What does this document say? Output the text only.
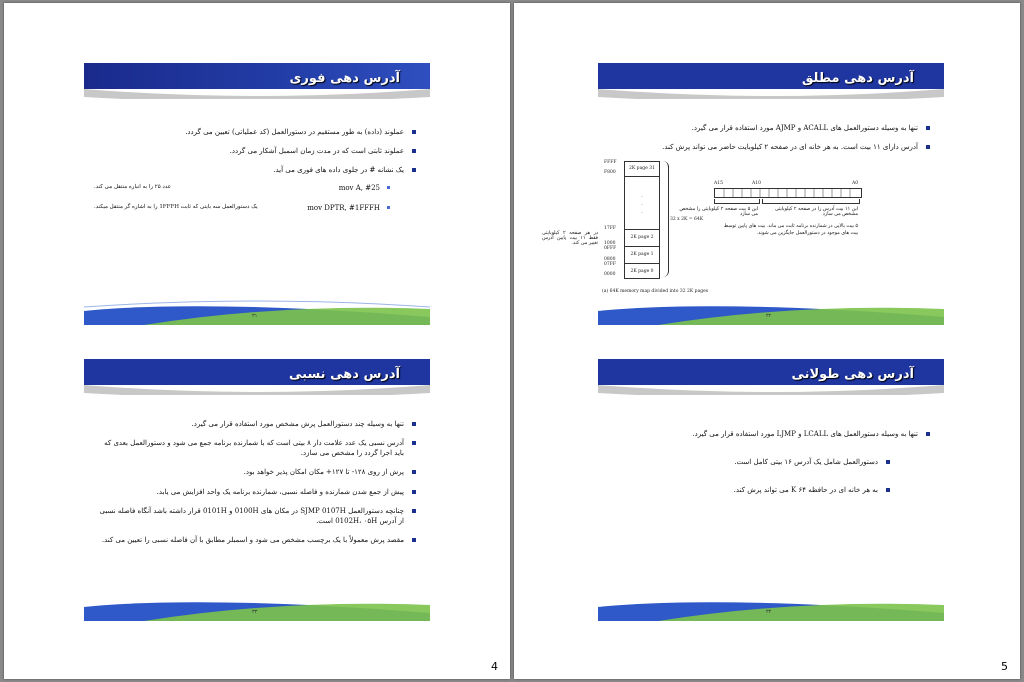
آدرس دهی فوری
عملوند (داده) به طور مستقیم در دستورالعمل (کد عملیاتی) تعیین می گردد.
عملوند ثابتی است که در مدت زمان اسمبل آشکار می گردد.
یک نشانه # در جلوی داده های فوری می آید.
mov A, #25
عدد ۲۵ را به انباره منتقل می کند.
mov DPTR, #1FFFH
یک دستورالعمل سه بایتی که ثابت 1FFFH را به اشاره گر منتقل میکند.
۳۱
آدرس دهی نسبی
تنها به وسیله چند دستورالعمل پرش مشخص مورد استفاده قرار می گیرد.
آدرس نسبی یک عدد علامت دار ۸ بیتی است که با شمارنده برنامه جمع می شود و دستورالعمل بعدی که باید اجرا گردد را مشخص می سازد.
پرش از روی ۱۲۸- تا ۱۲۷+ مکان امکان پذیر خواهد بود.
پیش از جمع شدن شمارنده و فاصله نسبی، شمارنده برنامه یک واحد افزایش می یابد.
چنانچه دستورالعمل SJMP 0107H در مکان های 0100H و 0101H قرار داشته باشد آنگاه فاصله نسبی از آدرس 0102H، ۰۵H است.
مقصد پرش معمولاً با یک برچسب مشخص می شود و اسمبلر مطابق با آن فاصله نسبی را تعیین می کند.
۳۳
4
آدرس دهی مطلق
تنها به وسیله دستورالعمل های ACALL و AJMP مورد استفاده قرار می گیرد.
آدرس دارای ۱۱ بیت است. به هر خانه ای در صفحه ۲ کیلوبایت حاضر می تواند پرش کند.
FFFF
F800
17FF
1000
0FFF
0800
07FF
0000
2K page 31
.
.
.
2K page 2
2K page 1
2K page 0
32 x 2K = 64K
(a) 64K memory map divided into 32 2K pages
در هر صفحه ۲ کیلوبایتی فقط ۱۱ بیت پایین آدرس تغییر می کند.
A15	A10	A0
این ۵ بیت صفحه ۲ کیلوبایتی را مشخص می سازد
این ۱۱ بیت آدرس را در صفحه ۲ کیلوبایتی مشخص می سازد
۵ بیت بالایی در شمارنده برنامه ثابت می ماند. بیت های پایین توسط بیت های موجود در دستورالعمل جایگزین می شوند.
۳۲
آدرس دهی طولانی
تنها به وسیله دستورالعمل های LCALL و LJMP مورد استفاده قرار می گیرد.
دستورالعمل شامل یک آدرس ۱۶ بیتی کامل است.
به هر خانه ای در حافظه ۶۴ K می تواند پرش کند.
۳۴
5
